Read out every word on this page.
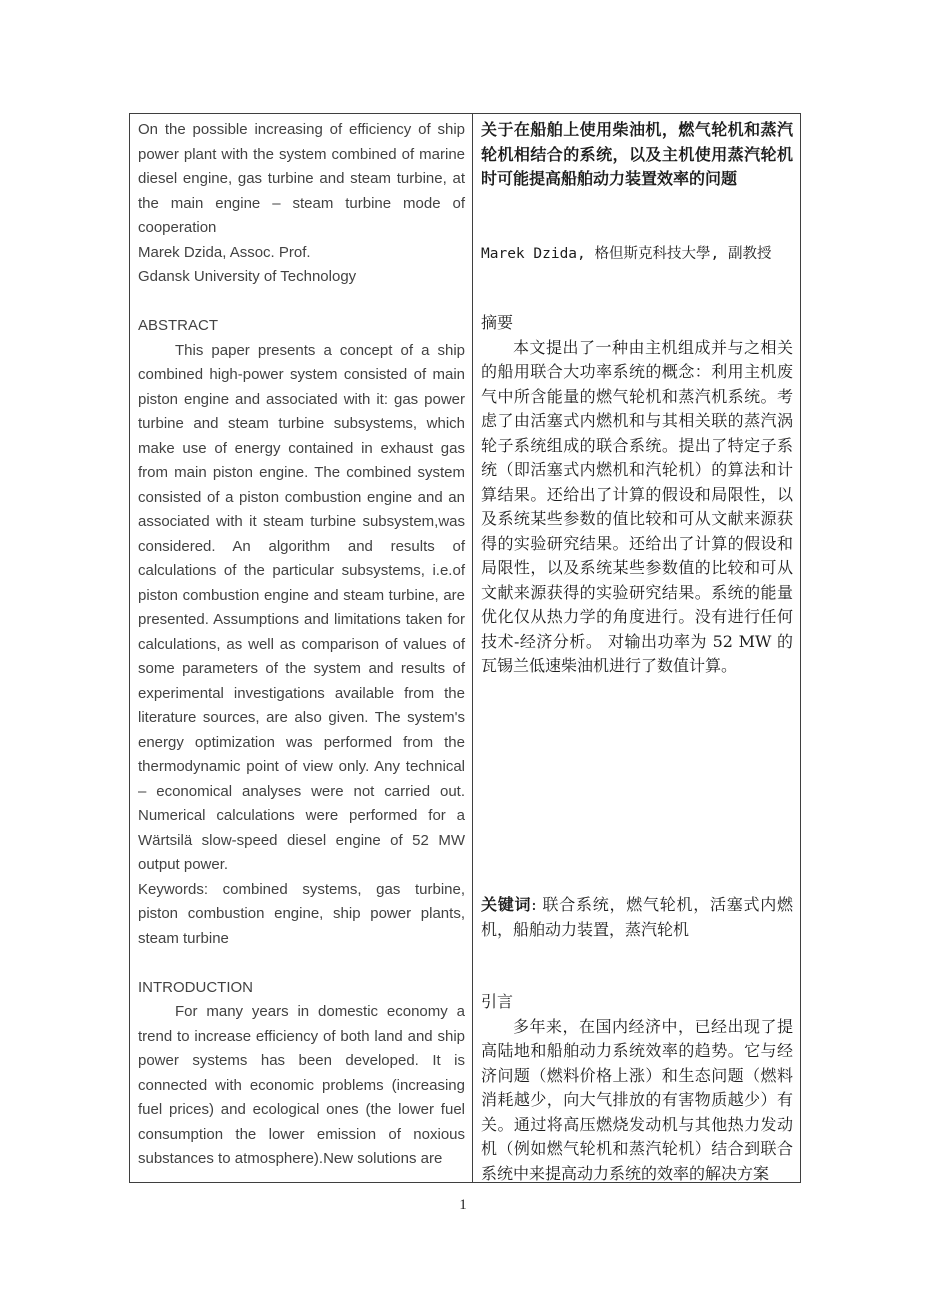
On the possible increasing of efficiency of ship power plant with the system combined of marine diesel engine, gas turbine and steam turbine, at the main engine – steam turbine mode of cooperation

Marek Dzida, Assoc. Prof.

Gdansk University of Technology

ABSTRACT

This paper presents a concept of a ship combined high-power system consisted of main piston engine and associated with it: gas power turbine and steam turbine subsystems, which make use of energy contained in exhaust gas from main piston engine. The combined system consisted of a piston combustion engine and an associated with it steam turbine subsystem,was considered. An algorithm and results of calculations of the particular subsystems, i.e.of piston combustion engine and steam turbine, are presented. Assumptions and limitations taken for calculations, as well as comparison of values of some parameters of the system and results of experimental investigations available from the literature sources, are also given. The system's energy optimization was performed from the thermodynamic point of view only. Any technical – economical analyses were not carried out. Numerical calculations were performed for a Wärtsilä slow-speed diesel engine of 52 MW output power.

Keywords: combined systems, gas turbine, piston combustion engine, ship power plants, steam turbine

INTRODUCTION

For many years in domestic economy a trend to increase efficiency of both land and ship power systems has been developed. It is connected with economic problems (increasing fuel prices) and ecological ones (the lower fuel consumption the lower emission of noxious substances to atmosphere).New solutions are

关于在船舶上使用柴油机，燃气轮机和蒸汽轮机相结合的系统，以及主机使用蒸汽轮机时可能提高船舶动力装置效率的问题

Marek Dzida, 格但斯克科技大學, 副教授

摘要

本文提出了一种由主机组成并与之相关的船用联合大功率系统的概念：利用主机废气中所含能量的燃气轮机和蒸汽机系统。考虑了由活塞式内燃机和与其相关联的蒸汽涡轮子系统组成的联合系统。提出了特定子系统（即活塞式内燃机和汽轮机）的算法和计算结果。还给出了计算的假设和局限性，以及系统某些参数的值比较和可从文献来源获得的实验研究结果。还给出了计算的假设和局限性，以及系统某些参数值的比较和可从文献来源获得的实验研究结果。系统的能量优化仅从热力学的角度进行。没有进行任何技术-经济分析。 对输出功率为 52 MW 的瓦锡兰低速柴油机进行了数值计算。

关键词: 联合系统，燃气轮机，活塞式内燃机，船舶动力装置，蒸汽轮机

引言

多年来，在国内经济中，已经出现了提高陆地和船舶动力系统效率的趋势。它与经济问题（燃料价格上涨）和生态问题（燃料消耗越少，向大气排放的有害物质越少）有关。通过将高压燃烧发动机与其他热力发动机（例如燃气轮机和蒸汽轮机）结合到联合系统中来提高动力系统的效率的解决方案

1
